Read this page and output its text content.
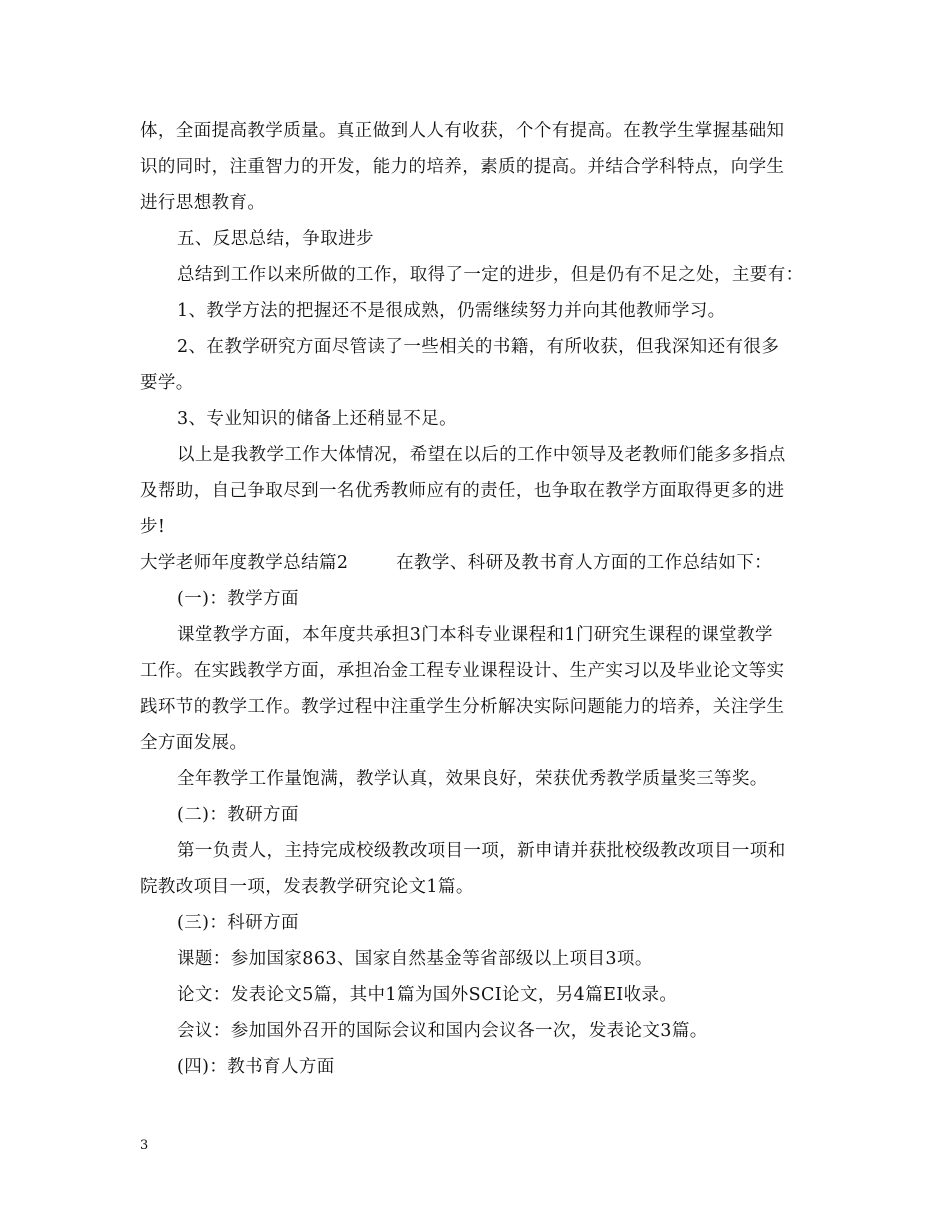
体，全面提高教学质量。真正做到人人有收获，个个有提高。在教学生掌握基础知
识的同时，注重智力的开发，能力的培养，素质的提高。并结合学科特点，向学生
进行思想教育。
五、反思总结，争取进步
总结到工作以来所做的工作，取得了一定的进步，但是仍有不足之处，主要有：
1、教学方法的把握还不是很成熟，仍需继续努力并向其他教师学习。
2、在教学研究方面尽管读了一些相关的书籍，有所收获，但我深知还有很多
要学。
3、专业知识的储备上还稍显不足。
以上是我教学工作大体情况，希望在以后的工作中领导及老教师们能多多指点
及帮助，自己争取尽到一名优秀教师应有的责任，也争取在教学方面取得更多的进
步!
大学老师年度教学总结篇2        在教学、科研及教书育人方面的工作总结如下：
(一)：教学方面
课堂教学方面，本年度共承担3门本科专业课程和1门研究生课程的课堂教学
工作。在实践教学方面，承担冶金工程专业课程设计、生产实习以及毕业论文等实
践环节的教学工作。教学过程中注重学生分析解决实际问题能力的培养，关注学生
全方面发展。
全年教学工作量饱满，教学认真，效果良好，荣获优秀教学质量奖三等奖。
(二)：教研方面
第一负责人，主持完成校级教改项目一项，新申请并获批校级教改项目一项和
院教改项目一项，发表教学研究论文1篇。
(三)：科研方面
课题：参加国家863、国家自然基金等省部级以上项目3项。
论文：发表论文5篇，其中1篇为国外SCI论文，另4篇EI收录。
会议：参加国外召开的国际会议和国内会议各一次，发表论文3篇。
(四)：教书育人方面
3
